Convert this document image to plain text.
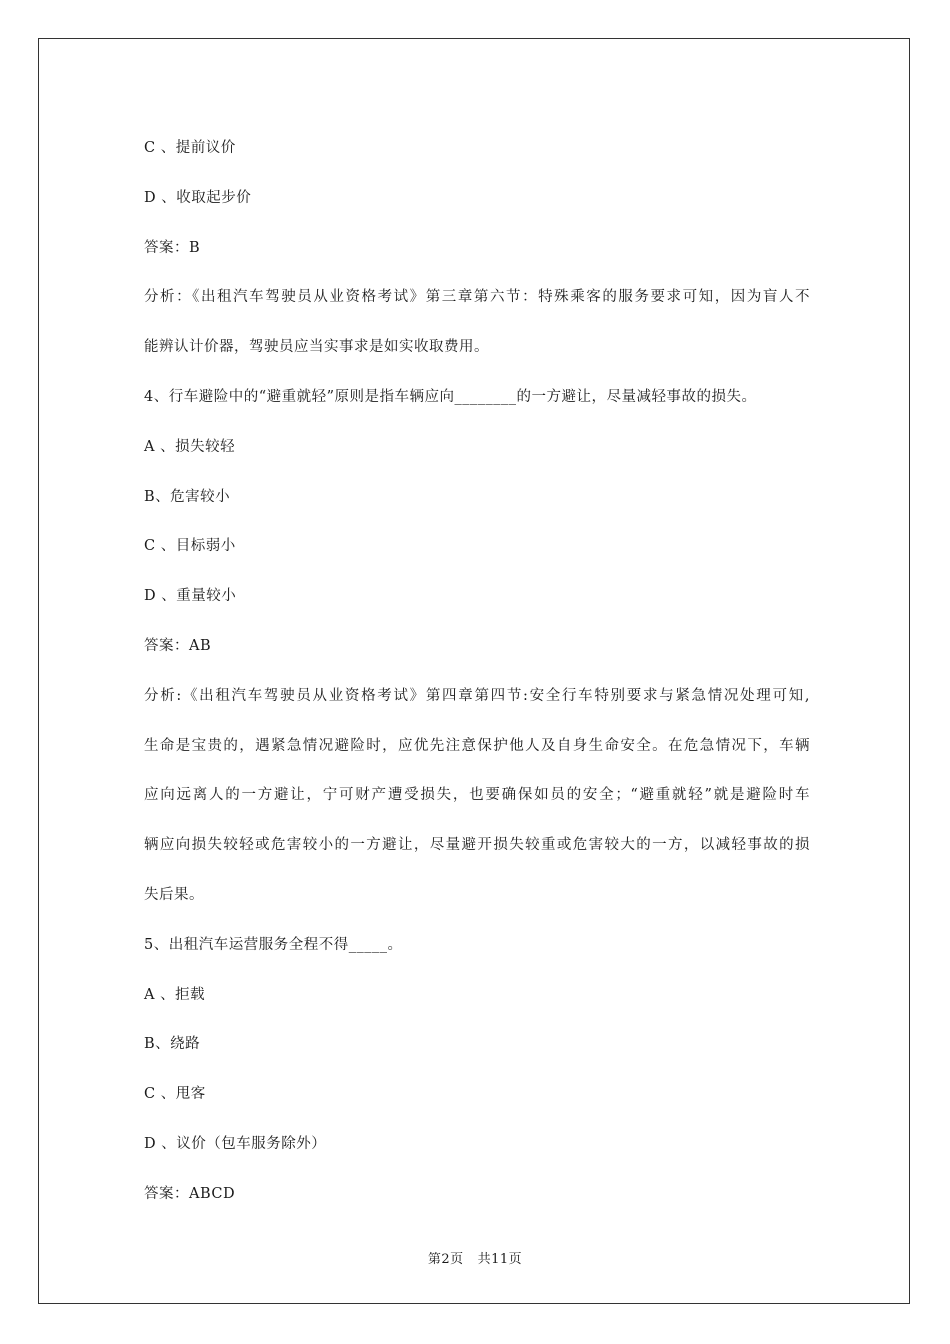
C 、提前议价
D 、收取起步价
答案：B
分析：《出租汽车驾驶员从业资格考试》第三章第六节：特殊乘客的服务要求可知，因为盲人不
能辨认计价器，驾驶员应当实事求是如实收取费用。
4、行车避险中的“避重就轻”原则是指车辆应向________的一方避让，尽量减轻事故的损失。
A 、损失较轻
B、危害较小
C 、目标弱小
D 、重量较小
答案：AB
分析:《出租汽车驾驶员从业资格考试》第四章第四节:安全行车特别要求与紧急情况处理可知,
生命是宝贵的，遇紧急情况避险时，应优先注意保护他人及自身生命安全。在危急情况下，车辆
应向远离人的一方避让，宁可财产遭受损失，也要确保如员的安全；“避重就轻”就是避险时车
辆应向损失较轻或危害较小的一方避让，尽量避开损失较重或危害较大的一方，以减轻事故的损
失后果。
5、出租汽车运营服务全程不得_____。
A 、拒载
B、绕路
C 、甩客
D 、议价（包车服务除外）
答案：ABCD
第2页 共11页
